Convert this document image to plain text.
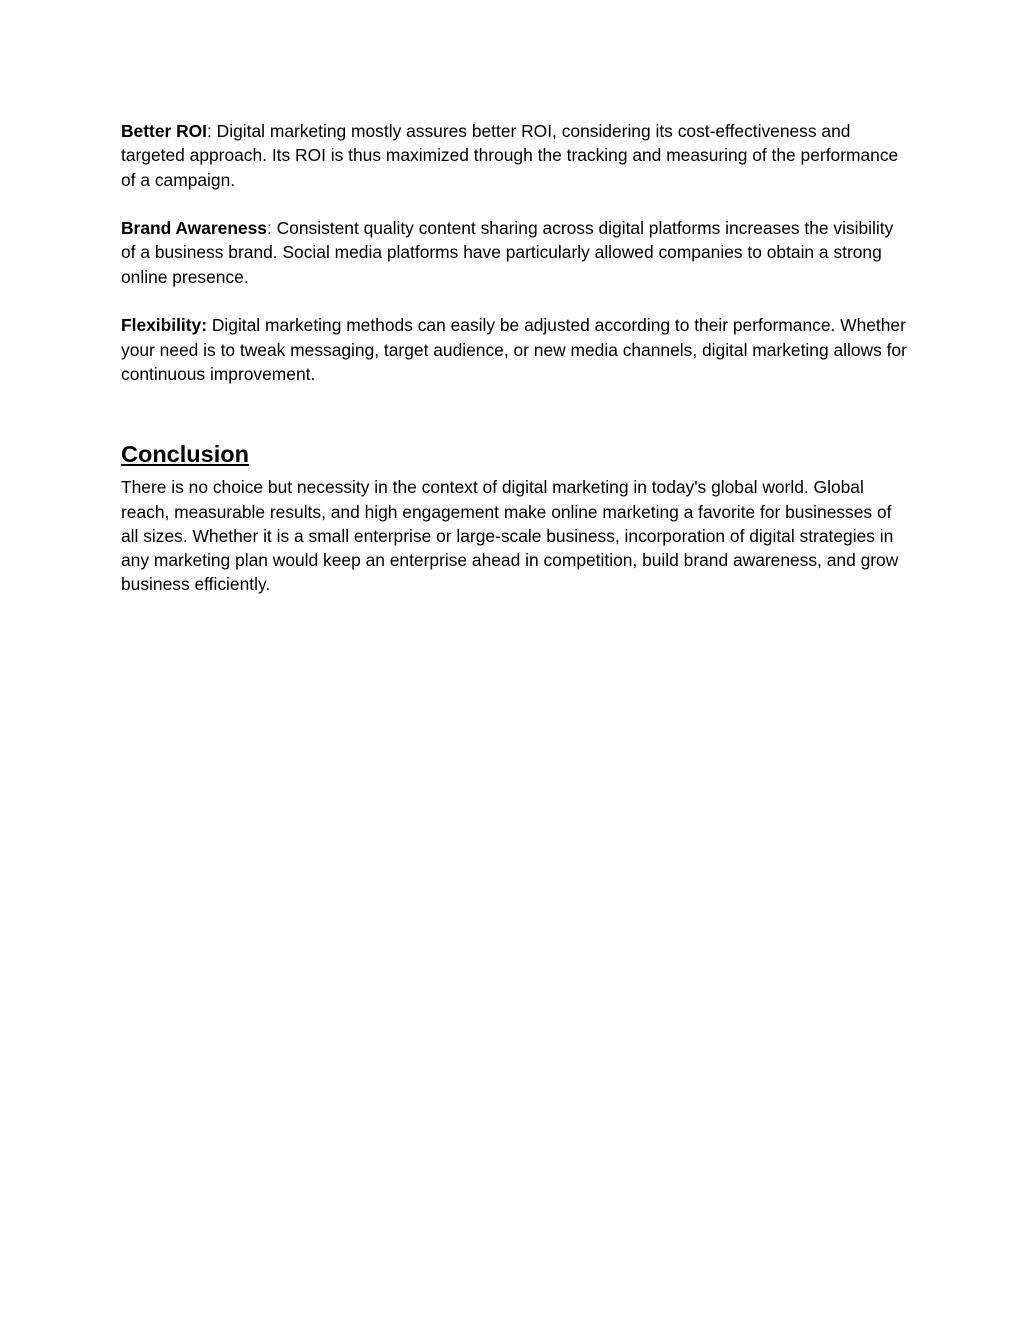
Better ROI: Digital marketing mostly assures better ROI, considering its cost-effectiveness and targeted approach. Its ROI is thus maximized through the tracking and measuring of the performance of a campaign.

Brand Awareness: Consistent quality content sharing across digital platforms increases the visibility of a business brand. Social media platforms have particularly allowed companies to obtain a strong online presence.

Flexibility: Digital marketing methods can easily be adjusted according to their performance. Whether your need is to tweak messaging, target audience, or new media channels, digital marketing allows for continuous improvement.

Conclusion

There is no choice but necessity in the context of digital marketing in today's global world. Global reach, measurable results, and high engagement make online marketing a favorite for businesses of all sizes. Whether it is a small enterprise or large-scale business, incorporation of digital strategies in any marketing plan would keep an enterprise ahead in competition, build brand awareness, and grow business efficiently.
